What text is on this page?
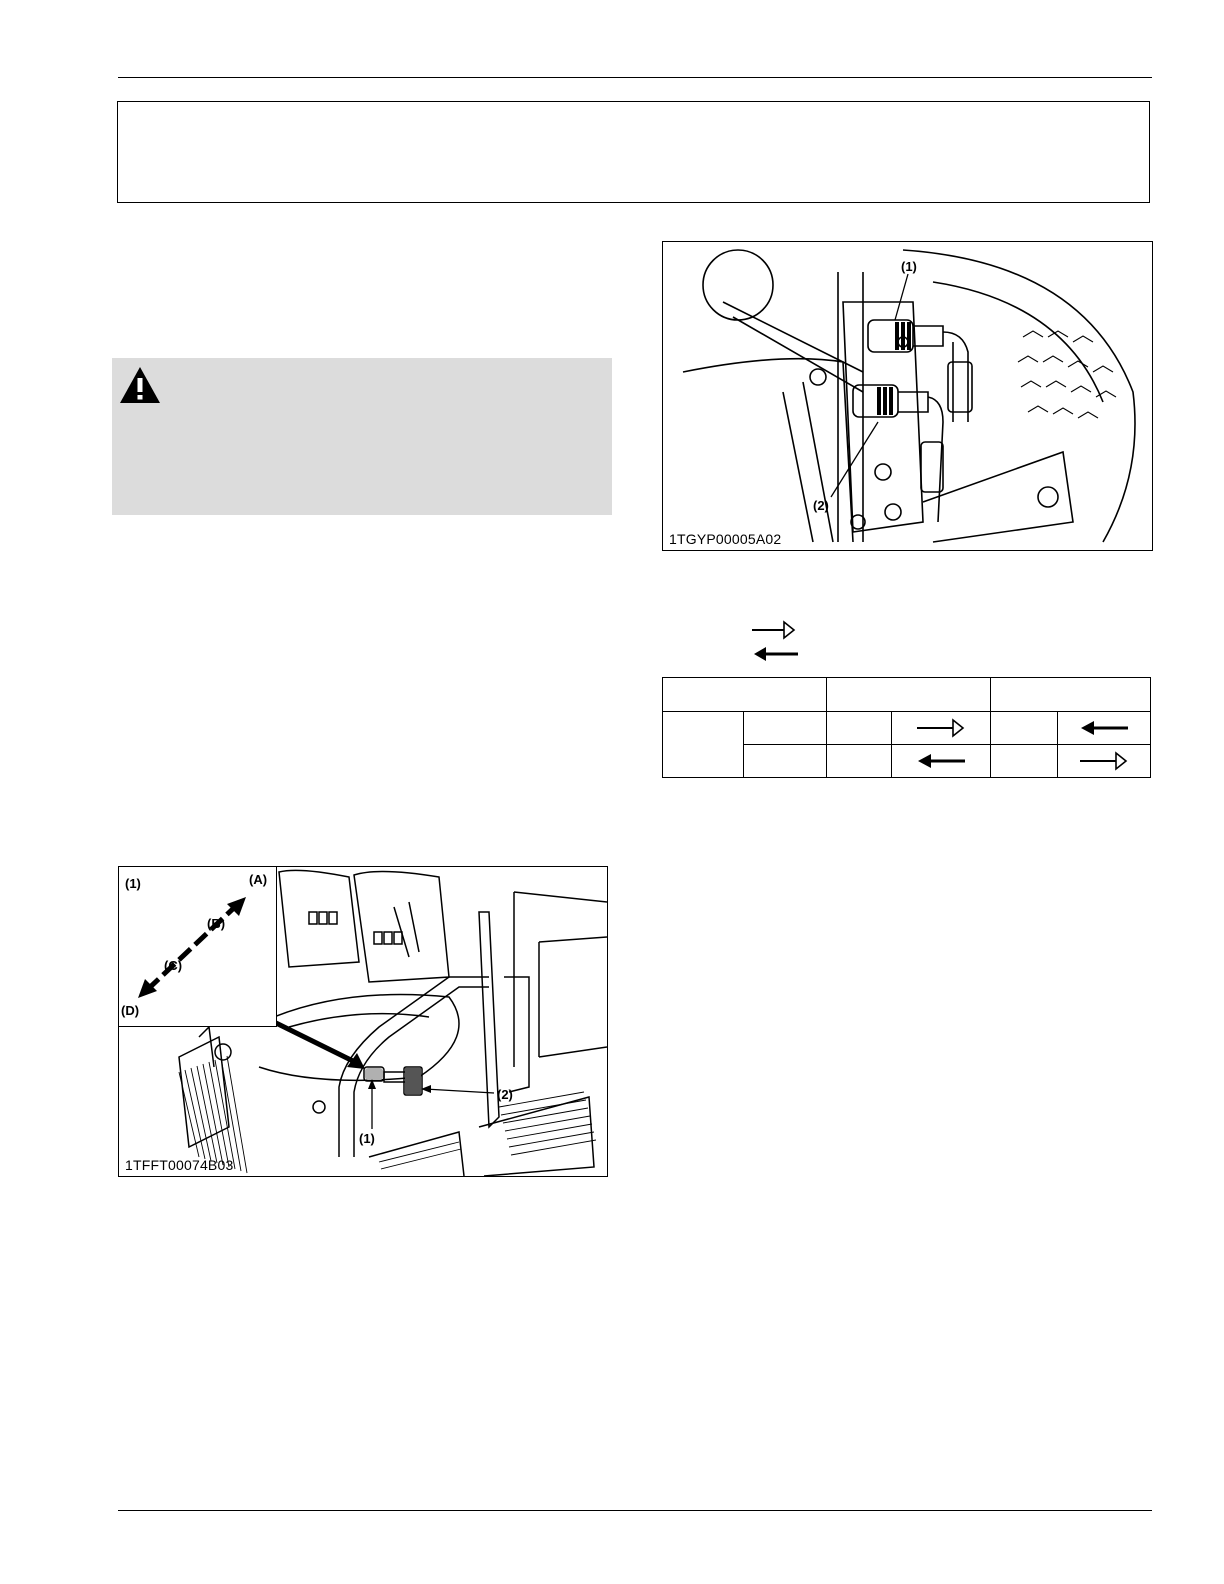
(1)
(2)
1TGYP00005A02

(1)	(A)
(B)
(C)
(D)
(1)
(2)
1TFFT00074B03
